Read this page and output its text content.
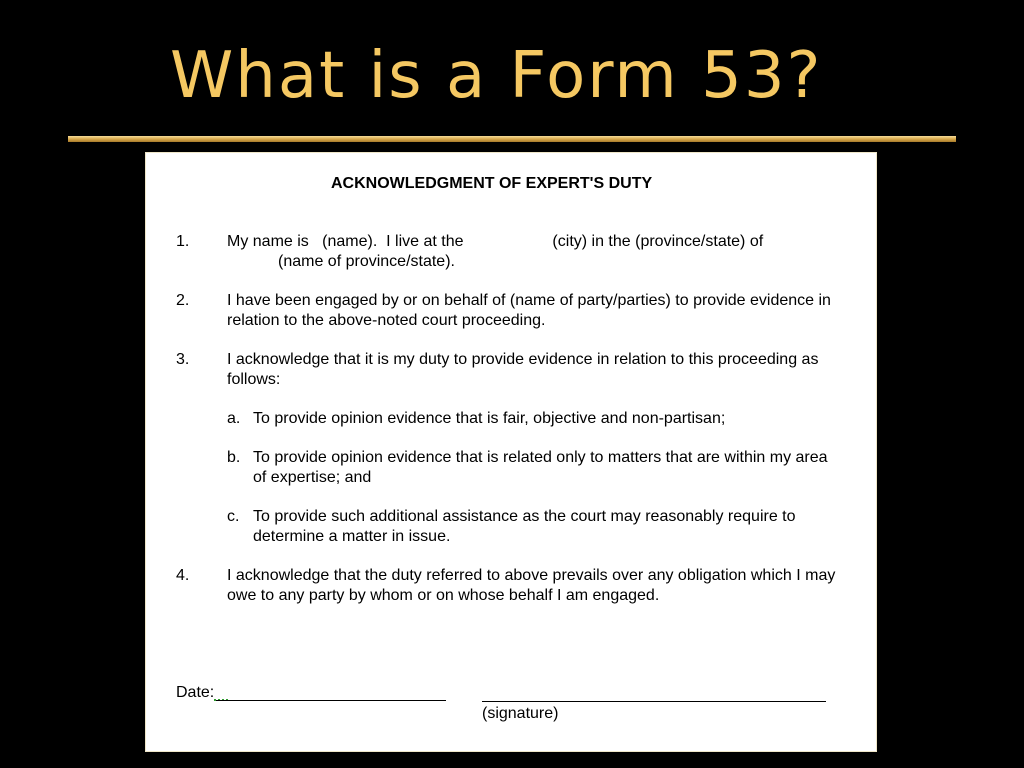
What is a Form 53?
ACKNOWLEDGMENT OF EXPERT'S DUTY
1. My name is   (name).  I live at the                    (city) in the (province/state) of
(name of province/state).
2. I have been engaged by or on behalf of (name of party/parties) to provide evidence in relation to the above-noted court proceeding.
3. I acknowledge that it is my duty to provide evidence in relation to this proceeding as follows:
a. To provide opinion evidence that is fair, objective and non-partisan;
b. To provide opinion evidence that is related only to matters that are within my area of expertise; and
c. To provide such additional assistance as the court may reasonably require to determine a matter in issue.
4. I acknowledge that the duty referred to above prevails over any obligation which I may owe to any party by whom or on whose behalf I am engaged.
Date:
(signature)
